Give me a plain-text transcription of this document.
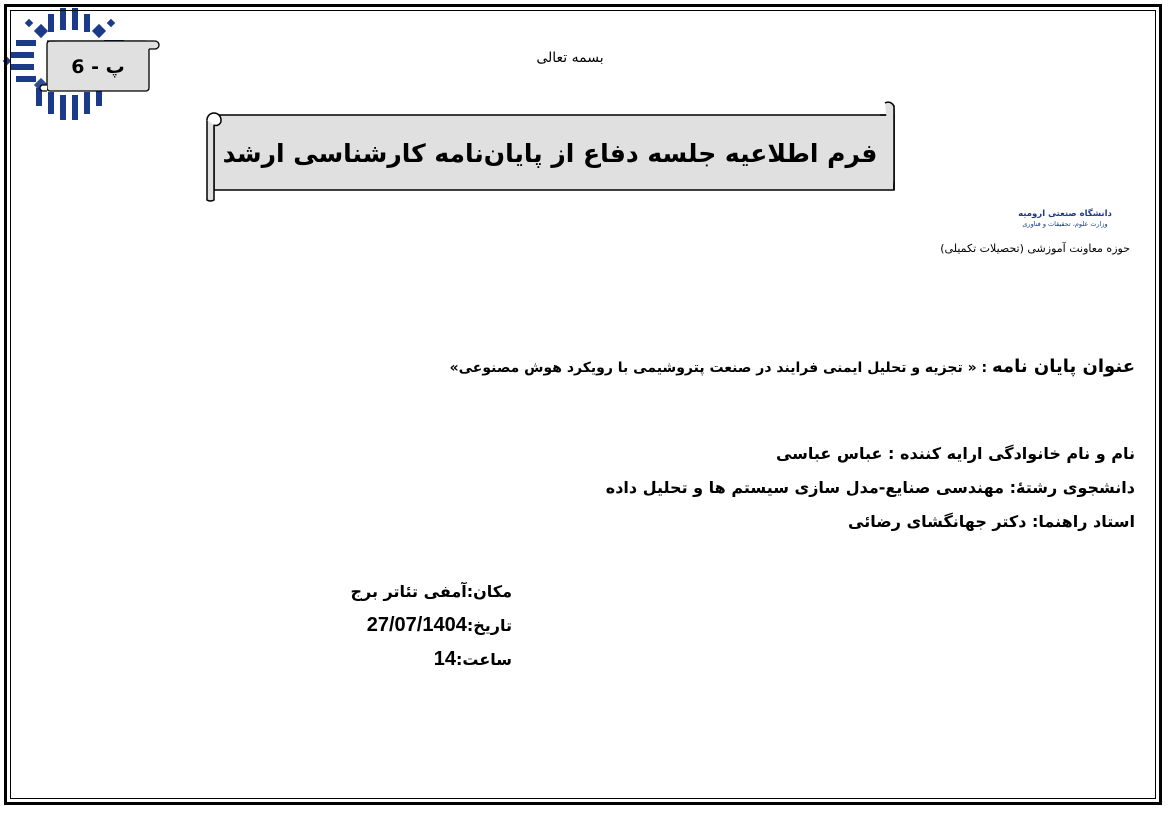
بسمه تعالی
پ - 6
فرم اطلاعیه جلسه دفاع از پایان‌نامه کارشناسی ارشد
دانشگاه صنعتی ارومیه
وزارت علوم، تحقیقات و فناوری
حوزه معاونت آموزشی (تحصیلات تکمیلی)
عنوان پایان نامه : « تجزیه و تحلیل ایمنی فرایند در صنعت پتروشیمی با رویکرد هوش مصنوعی»
نام و نام خانوادگی ارایه کننده : عباس عباسی
دانشجوی رشتۀ: مهندسی صنایع-مدل سازی سیستم ها و تحلیل داده
استاد راهنما: دکتر جهانگشای رضائی
مکان:آمفی تئاتر برج
تاریخ:27/07/1404
ساعت:14
